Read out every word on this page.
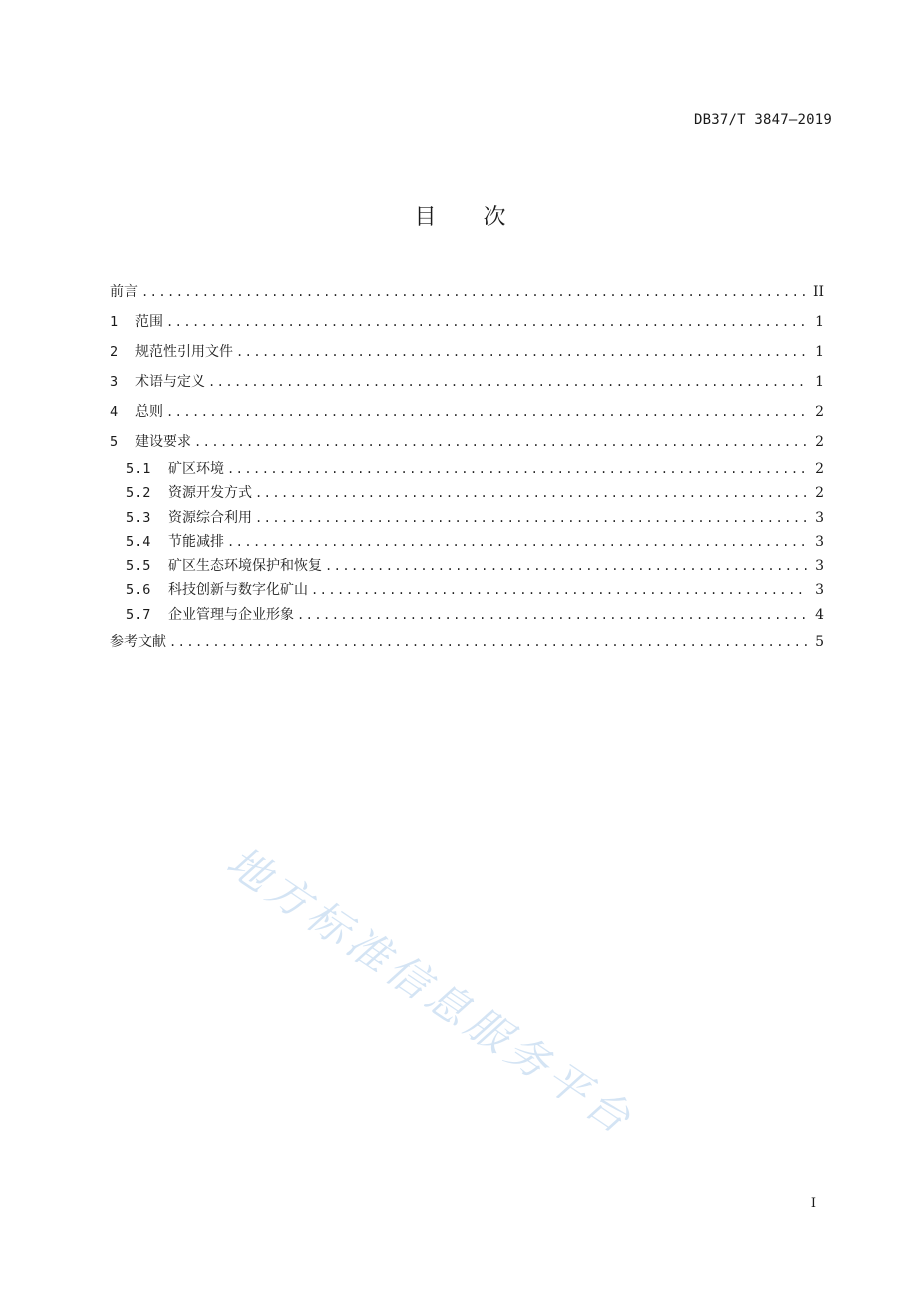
DB37/T 3847—2019
目 次
前言 .....	II
1	范围 .....	1
2	规范性引用文件 .....	1
3	术语与定义 .....	1
4	总则 .....	2
5	建设要求 .....	2
5.1	矿区环境 .....	2
5.2	资源开发方式 .....	2
5.3	资源综合利用 .....	3
5.4	节能减排 .....	3
5.5	矿区生态环境保护和恢复 .....	3
5.6	科技创新与数字化矿山 .....	3
5.7	企业管理与企业形象 .....	4
参考文献 .....	5
地方标准信息服务平台
I
